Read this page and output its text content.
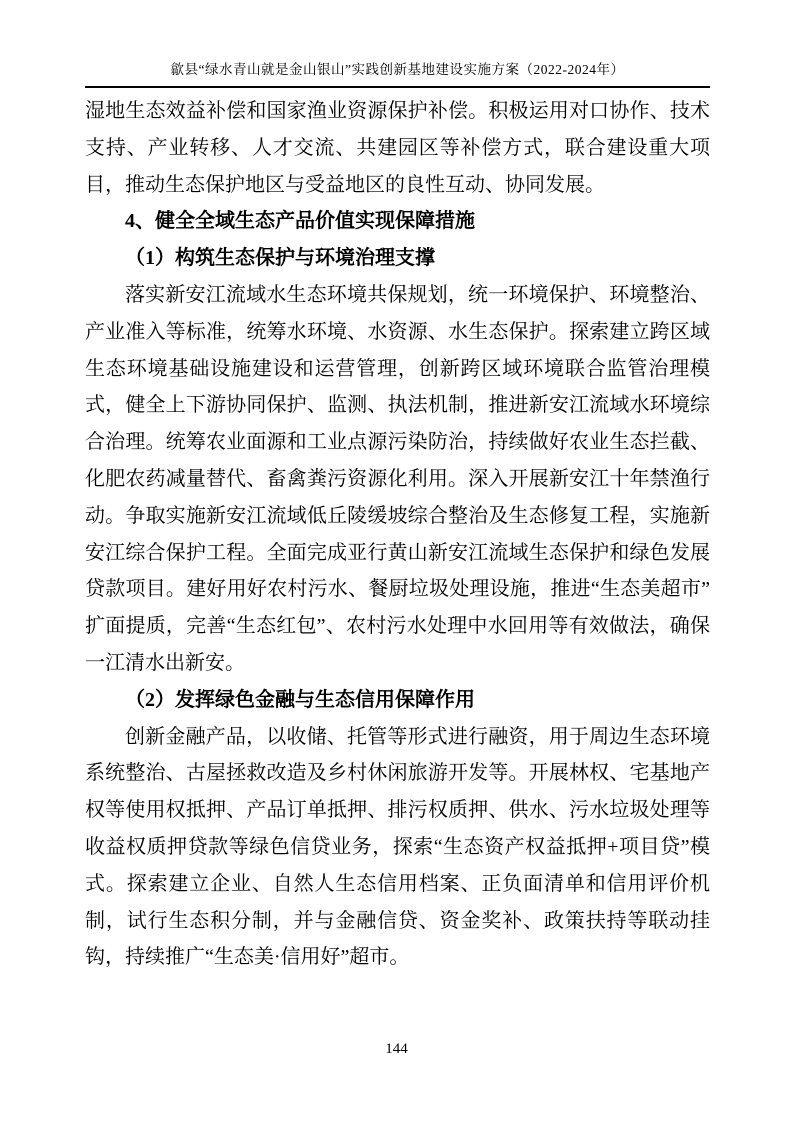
歙县“绿水青山就是金山银山”实践创新基地建设实施方案（2022-2024年）
湿地生态效益补偿和国家渔业资源保护补偿。积极运用对口协作、技术支持、产业转移、人才交流、共建园区等补偿方式，联合建设重大项目，推动生态保护地区与受益地区的良性互动、协同发展。
4、健全全域生态产品价值实现保障措施
（1）构筑生态保护与环境治理支撑
落实新安江流域水生态环境共保规划，统一环境保护、环境整治、产业准入等标准，统筹水环境、水资源、水生态保护。探索建立跨区域生态环境基础设施建设和运营管理，创新跨区域环境联合监管治理模式，健全上下游协同保护、监测、执法机制，推进新安江流域水环境综合治理。统筹农业面源和工业点源污染防治，持续做好农业生态拦截、化肥农药减量替代、畜禽粪污资源化利用。深入开展新安江十年禁渔行动。争取实施新安江流域低丘陵缓坡综合整治及生态修复工程，实施新安江综合保护工程。全面完成亚行黄山新安江流域生态保护和绿色发展贷款项目。建好用好农村污水、餐厨垃圾处理设施，推进“生态美超市”扩面提质，完善“生态红包”、农村污水处理中水回用等有效做法，确保一江清水出新安。
（2）发挥绿色金融与生态信用保障作用
创新金融产品，以收储、托管等形式进行融资，用于周边生态环境系统整治、古屋拯救改造及乡村休闲旅游开发等。开展林权、宅基地产权等使用权抵押、产品订单抵押、排污权质押、供水、污水垃圾处理等收益权质押贷款等绿色信贷业务，探索“生态资产权益抵押+项目贷”模式。探索建立企业、自然人生态信用档案、正负面清单和信用评价机制，试行生态积分制，并与金融信贷、资金奖补、政策扶持等联动挂钩，持续推广“生态美·信用好”超市。
144
